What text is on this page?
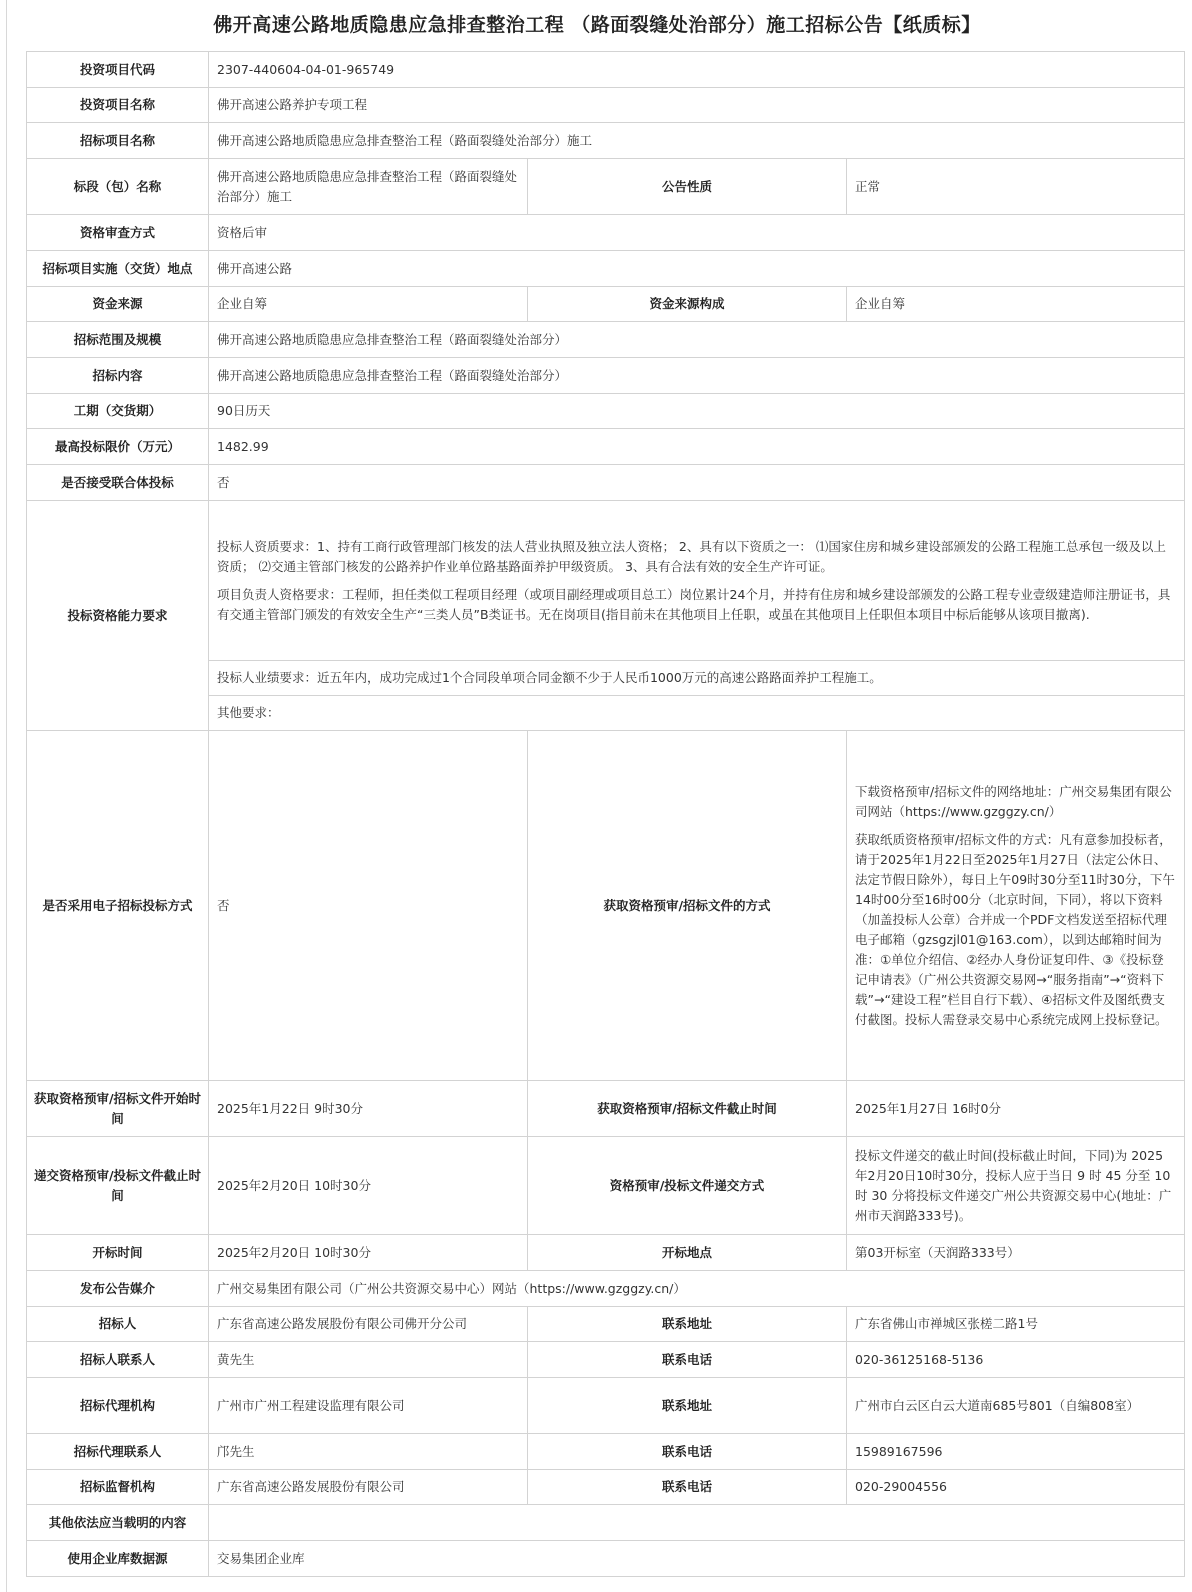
佛开高速公路地质隐患应急排查整治工程 （路面裂缝处治部分）施工招标公告【纸质标】
投资项目代码	2307-440604-04-01-965749		
投资项目名称	佛开高速公路养护专项工程		
招标项目名称	佛开高速公路地质隐患应急排查整治工程（路面裂缝处治部分）施工		
标段（包）名称	佛开高速公路地质隐患应急排查整治工程（路面裂缝处治部分）施工	公告性质	正常
资格审查方式	资格后审		
招标项目实施（交货）地点	佛开高速公路		
资金来源	企业自筹	资金来源构成	企业自筹
招标范围及规模	佛开高速公路地质隐患应急排查整治工程（路面裂缝处治部分）		
招标内容	佛开高速公路地质隐患应急排查整治工程（路面裂缝处治部分）		
工期（交货期）	90日历天		
最高投标限价（万元）	1482.99		
是否接受联合体投标	否		
投标资格能力要求	投标人资质要求：1、持有工商行政管理部门核发的法人营业执照及独立法人资格； 2、具有以下资质之一： ⑴国家住房和城乡建设部颁发的公路工程施工总承包一级及以上资质； ⑵交通主管部门核发的公路养护作业单位路基路面养护甲级资质。 3、具有合法有效的安全生产许可证。

项目负责人资格要求：工程师，担任类似工程项目经理（或项目副经理或项目总工）岗位累计24个月，并持有住房和城乡建设部颁发的公路工程专业壹级建造师注册证书，具有交通主管部门颁发的有效安全生产“三类人员”B类证书。无在岗项目(指目前未在其他项目上任职，或虽在其他项目上任职但本项目中标后能够从该项目撤离).		

	投标人业绩要求：近五年内，成功完成过1个合同段单项合同金额不少于人民币1000万元的高速公路路面养护工程施工。		
	其他要求：		
是否采用电子招标投标方式	否	获取资格预审/招标文件的方式	下载资格预审/招标文件的网络地址：广州交易集团有限公司网站（https://www.gzggzy.cn/）

获取纸质资格预审/招标文件的方式：凡有意参加投标者，请于2025年1月22日至2025年1月27日（法定公休日、法定节假日除外），每日上午09时30分至11时30分，下午14时00分至16时00分（北京时间，下同），将以下资料（加盖投标人公章）合并成一个PDF文档发送至招标代理电子邮箱（gzsgzjl01@163.com），以到达邮箱时间为准：①单位介绍信、②经办人身份证复印件、③《投标登记申请表》（广州公共资源交易网→“服务指南”→“资料下载”→“建设工程”栏目自行下载）、④招标文件及图纸费支付截图。投标人需登录交易中心系统完成网上投标登记。

获取资格预审/招标文件开始时间	2025年1月22日 9时30分	获取资格预审/招标文件截止时间	2025年1月27日 16时0分
递交资格预审/投标文件截止时间	2025年2月20日 10时30分	资格预审/投标文件递交方式	投标文件递交的截止时间(投标截止时间，下同)为 2025 年2月20日10时30分，投标人应于当日 9 时 45 分至 10 时 30 分将投标文件递交广州公共资源交易中心(地址：广州市天润路333号)。
开标时间	2025年2月20日 10时30分	开标地点	第03开标室（天润路333号）
发布公告媒介	广州交易集团有限公司（广州公共资源交易中心）网站（https://www.gzggzy.cn/）		
招标人	广东省高速公路发展股份有限公司佛开分公司	联系地址	广东省佛山市禅城区张槎二路1号
招标人联系人	黄先生	联系电话	020-36125168-5136
招标代理机构	广州市广州工程建设监理有限公司	联系地址	广州市白云区白云大道南685号801（自编808室）
招标代理联系人	邝先生	联系电话	15989167596
招标监督机构	广东省高速公路发展股份有限公司	联系电话	020-29004556
其他依法应当载明的内容			
使用企业库数据源	交易集团企业库		
